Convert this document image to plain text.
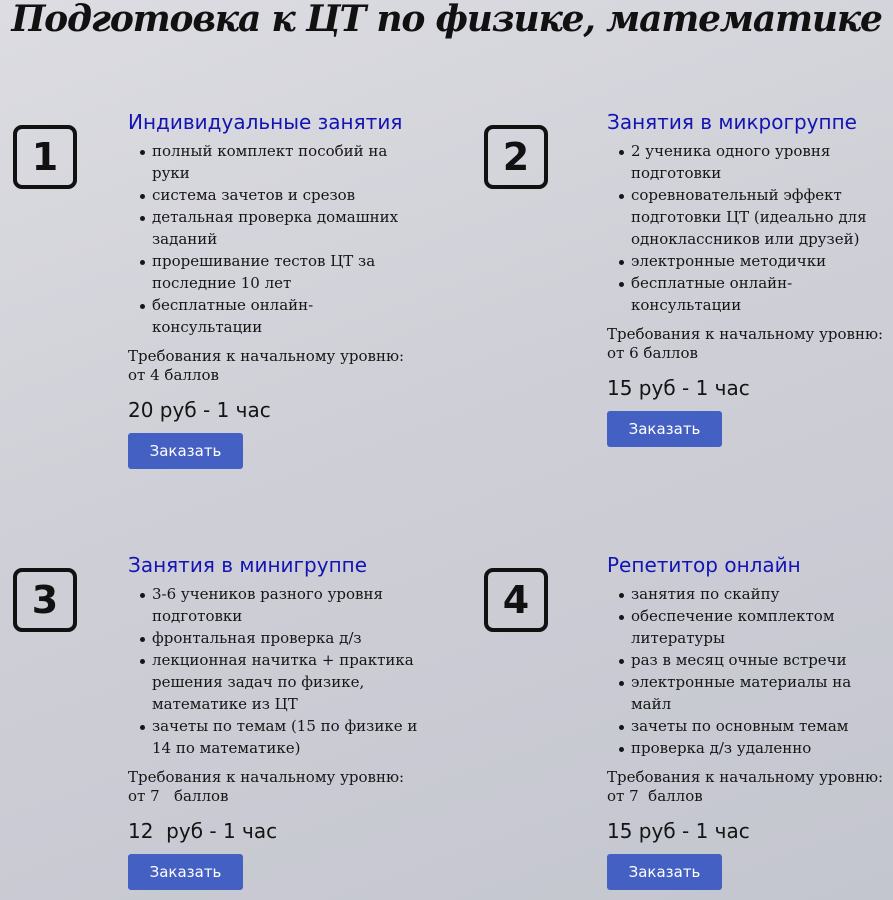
Подготовка к ЦТ по физике, математике
1
Индивидуальные занятия
полный комплект пособий на руки
система зачетов и срезов
детальная проверка домашних заданий
прорешивание тестов ЦТ за последние 10 лет
бесплатные онлайн-консультации
Требования к начальному уровню:
от 4 баллов
20 руб - 1 час
Заказать
2
Занятия в микрогруппе
2 ученика одного уровня подготовки
соревновательный эффект подготовки ЦТ (идеально для одноклассников или друзей)
электронные методички
бесплатные онлайн-консультации
Требования к начальному уровню:
от 6 баллов
15 руб - 1 час
Заказать
3
Занятия в минигруппе
3-6 учеников разного уровня подготовки
фронтальная проверка д/з
лекционная начитка + практика решения задач по физике, математике из ЦТ
зачеты по темам (15 по физике и 14 по математике)
Требования к начальному уровню:
от 7   баллов
12  руб - 1 час
Заказать
4
Репетитор онлайн
занятия по скайпу
обеспечение комплектом литературы
раз в месяц очные встречи
электронные материалы на майл
зачеты по основным темам
проверка д/з удаленно
Требования к начальному уровню:
от 7  баллов
15 руб - 1 час
Заказать
